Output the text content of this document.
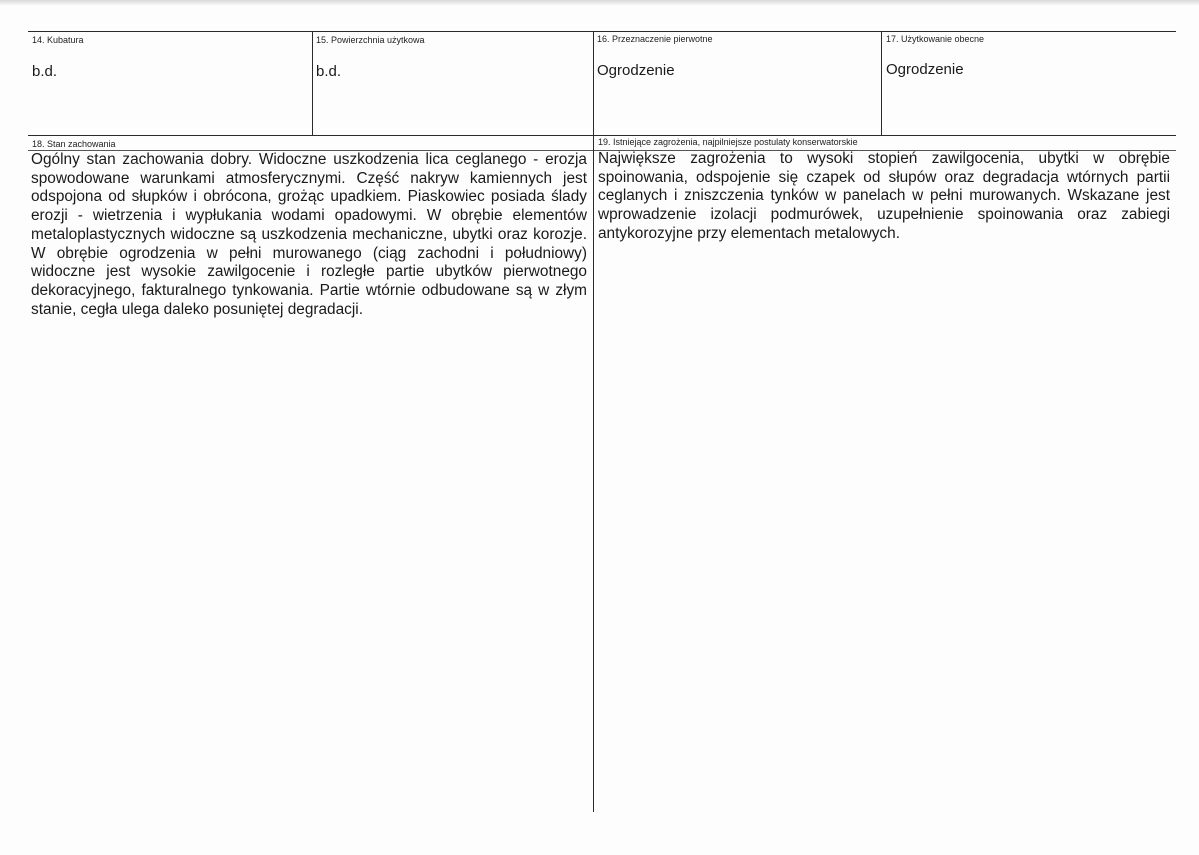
14. Kubatura
b.d.
15. Powierzchnia użytkowa
b.d.
16. Przeznaczenie pierwotne
Ogrodzenie
17. Użytkowanie obecne
Ogrodzenie
18. Stan zachowania
Ogólny stan zachowania dobry. Widoczne uszkodzenia lica ceglanego - erozja spowodowane warunkami atmosferycznymi. Część nakryw kamiennych jest odspojona od słupków i obrócona, grożąc upadkiem. Piaskowiec posiada ślady erozji - wietrzenia i wypłukania wodami opadowymi. W obrębie elementów metaloplastycznych widoczne są uszkodzenia mechaniczne, ubytki oraz korozje. W obrębie ogrodzenia w pełni murowanego (ciąg zachodni i południowy) widoczne jest wysokie zawilgocenie i rozległe partie ubytków pierwotnego dekoracyjnego, fakturalnego tynkowania. Partie wtórnie odbudowane są w złym stanie, cegła ulega daleko posuniętej degradacji.
19. Istniejące zagrożenia, najpilniejsze postulaty konserwatorskie
Największe zagrożenia to wysoki stopień zawilgocenia, ubytki w obrębie spoinowania, odspojenie się czapek od słupów oraz degradacja wtórnych partii ceglanych i zniszczenia tynków w panelach w pełni murowanych. Wskazane jest wprowadzenie izolacji podmurówek, uzupełnienie spoinowania oraz zabiegi antykorozyjne przy elementach metalowych.
